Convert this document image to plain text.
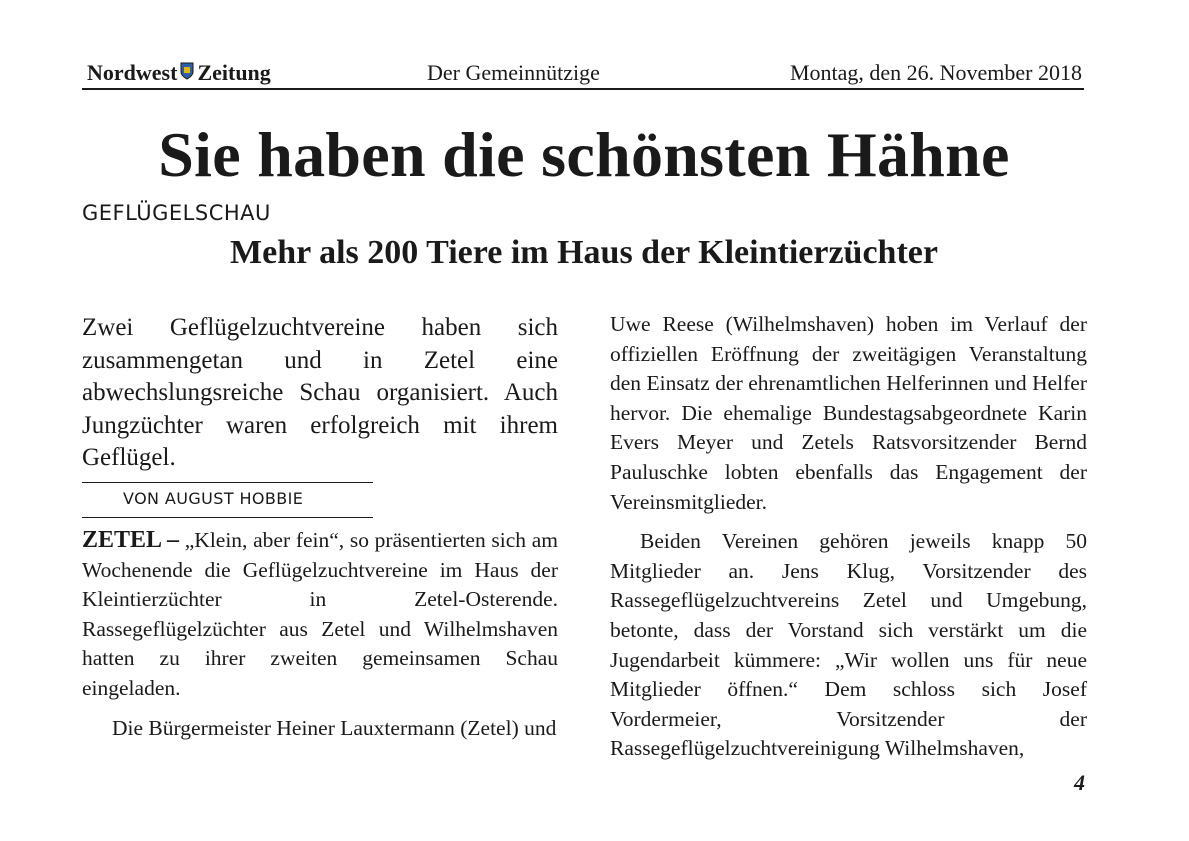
Nordwest Zeitung	Der Gemeinnützige	Montag, den 26. November 2018
Sie haben die schönsten Hähne
GEFLÜGELSCHAU
Mehr als 200 Tiere im Haus der Kleintierzüchter
Zwei Geflügelzuchtvereine haben sich zusammengetan und in Zetel eine abwechslungsreiche Schau organisiert. Auch Jungzüchter waren erfolgreich mit ihrem Geflügel.
VON AUGUST HOBBIE

ZETEL – „Klein, aber fein“, so präsentierten sich am Wochenende die Geflügelzuchtvereine im Haus der Kleintierzüchter in Zetel-Osterende. Rassegeflügelzüchter aus Zetel und Wilhelmshaven hatten zu ihrer zweiten gemeinsamen Schau eingeladen.

Die Bürgermeister Heiner Lauxtermann (Zetel) und

Uwe Reese (Wilhelmshaven) hoben im Verlauf der offiziellen Eröffnung der zweitägigen Veranstaltung den Einsatz der ehrenamtlichen Helferinnen und Helfer hervor. Die ehemalige Bundestagsabgeordnete Karin Evers Meyer und Zetels Ratsvorsitzender Bernd Pauluschke lobten ebenfalls das Engagement der Vereinsmitglieder.

Beiden Vereinen gehören jeweils knapp 50 Mitglieder an. Jens Klug, Vorsitzender des Rassegeflügelzuchtvereins Zetel und Umgebung, betonte, dass der Vorstand sich verstärkt um die Jugendarbeit kümmere: „Wir wollen uns für neue Mitglieder öffnen.“ Dem schloss sich Josef Vordermeier, Vorsitzender der Rassegeflügelzuchtvereinigung Wilhelmshaven,

4
